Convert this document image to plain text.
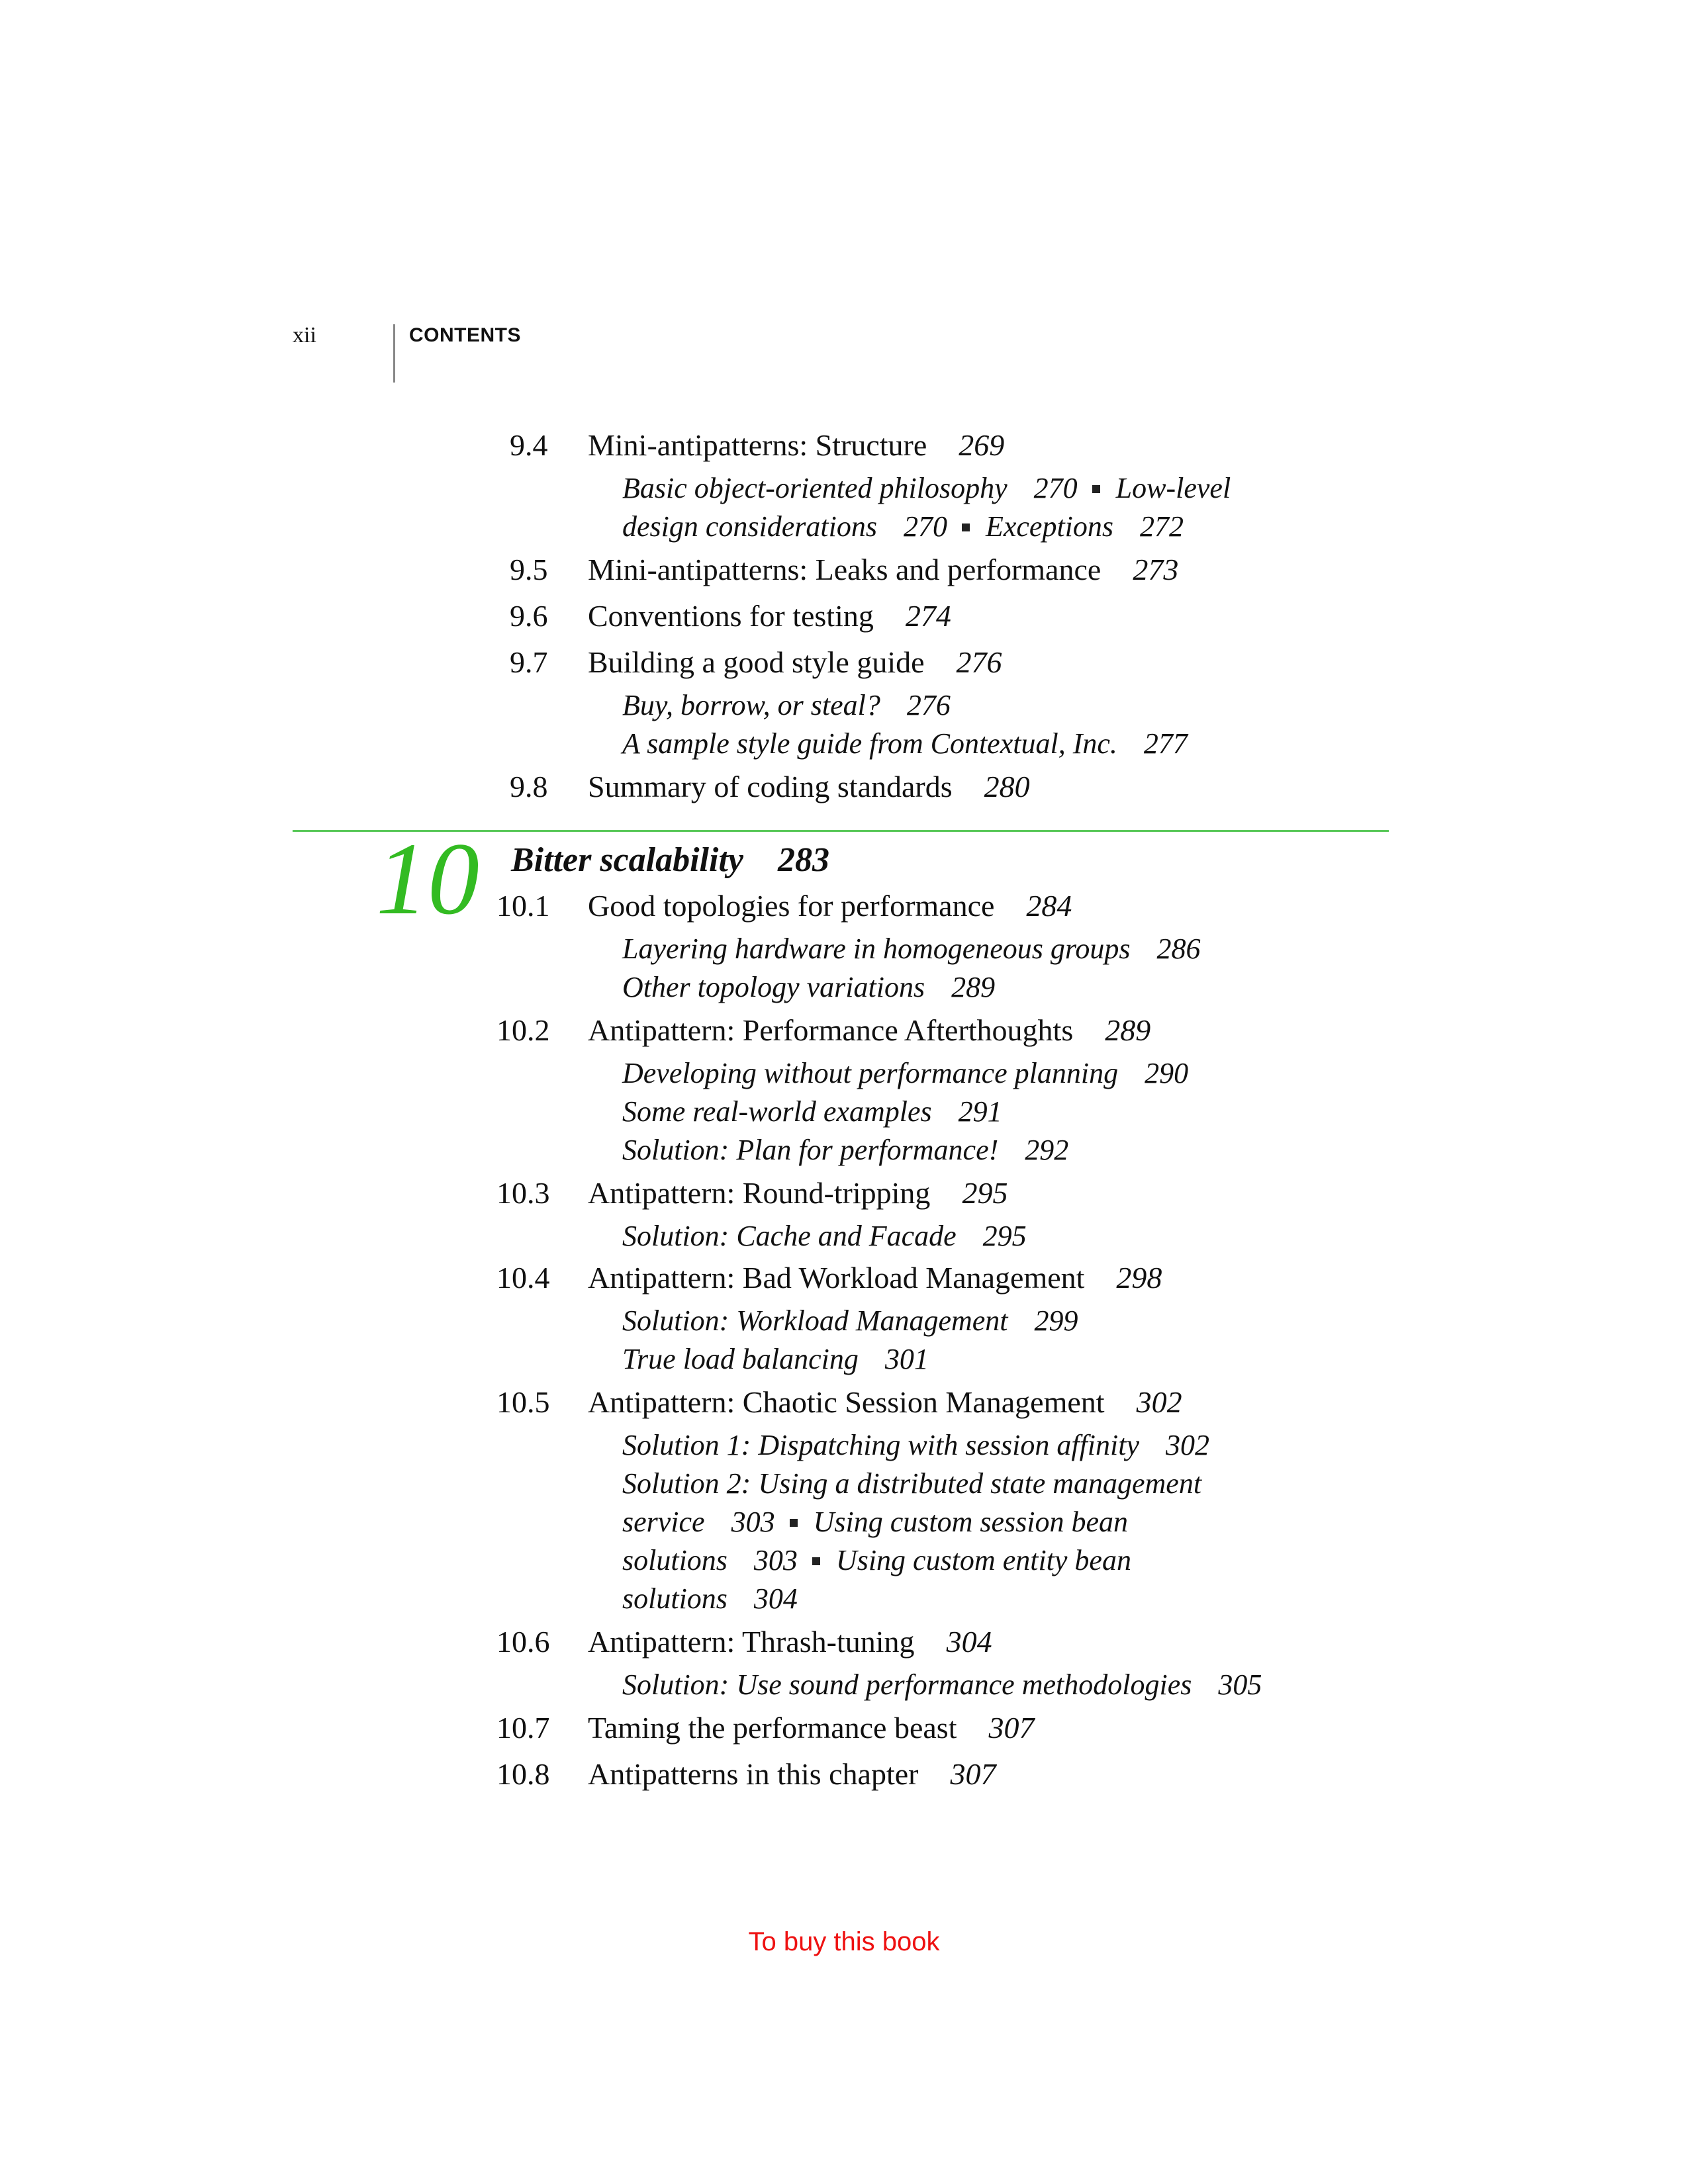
xii	CONTENTS
9.4 Mini-antipatterns: Structure 269
Basic object-oriented philosophy 270 Low-level
design considerations 270 Exceptions 272
9.5 Mini-antipatterns: Leaks and performance 273
9.6 Conventions for testing 274
9.7 Building a good style guide 276
Buy, borrow, or steal? 276
A sample style guide from Contextual, Inc. 277
9.8 Summary of coding standards 280
10 Bitter scalability 283
10.1 Good topologies for performance 284
Layering hardware in homogeneous groups 286
Other topology variations 289
10.2 Antipattern: Performance Afterthoughts 289
Developing without performance planning 290
Some real-world examples 291
Solution: Plan for performance! 292
10.3 Antipattern: Round-tripping 295
Solution: Cache and Facade 295
10.4 Antipattern: Bad Workload Management 298
Solution: Workload Management 299
True load balancing 301
10.5 Antipattern: Chaotic Session Management 302
Solution 1: Dispatching with session affinity 302
Solution 2: Using a distributed state management
service 303 Using custom session bean
solutions 303 Using custom entity bean
solutions 304
10.6 Antipattern: Thrash-tuning 304
Solution: Use sound performance methodologies 305
10.7 Taming the performance beast 307
10.8 Antipatterns in this chapter 307
To buy this book
